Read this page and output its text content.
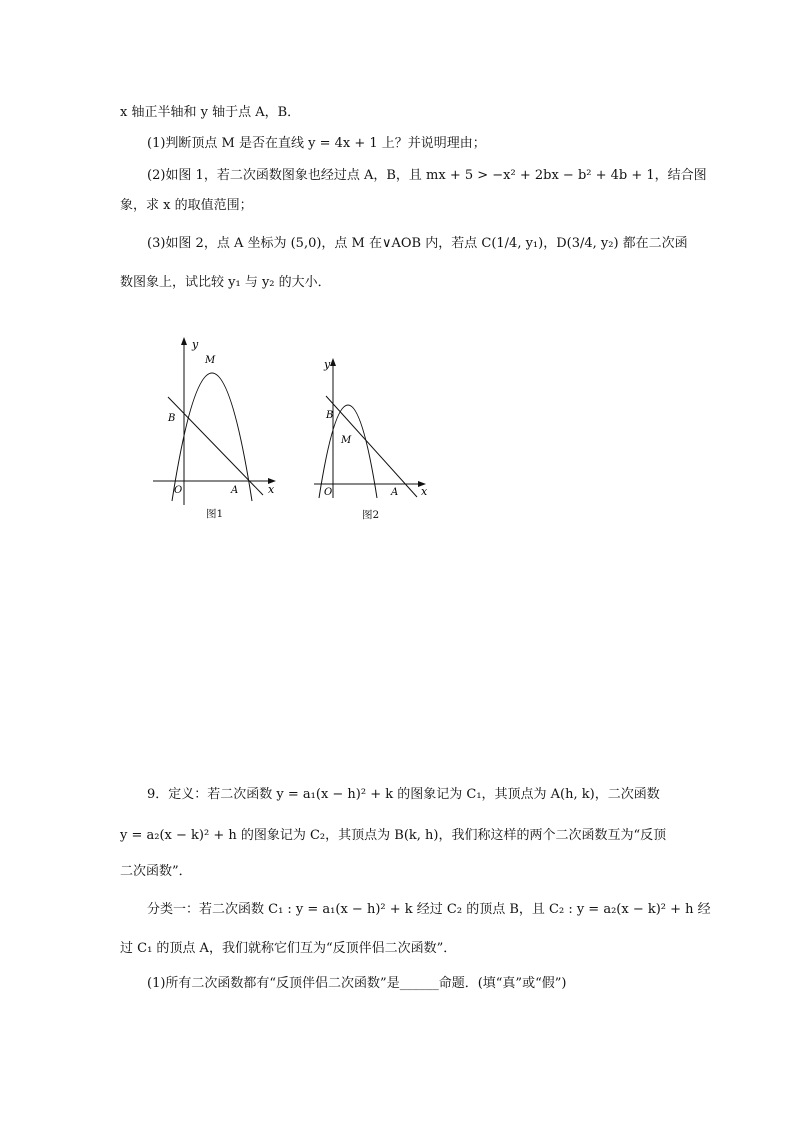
x 轴正半轴和 y 轴于点 A，B．
(1)判断顶点 M 是否在直线 y = 4x + 1 上？并说明理由；
(2)如图 1，若二次函数图象也经过点 A，B，且 mx + 5 > −x² + 2bx − b² + 4b + 1，结合图
象，求 x 的取值范围；
(3)如图 2，点 A 坐标为 (5,0)，点 M 在∨AOB 内，若点 C(1/4, y₁)，D(3/4, y₂) 都在二次函
数图象上，试比较 y₁ 与 y₂ 的大小．
y
M
B
O	A	x
图1
y
B
M
O	A x
图2
9．定义：若二次函数 y = a₁(x − h)² + k 的图象记为 C₁，其顶点为 A(h, k)，二次函数
y = a₂(x − k)² + h 的图象记为 C₂，其顶点为 B(k, h)，我们称这样的两个二次函数互为“反顶
二次函数”．
分类一：若二次函数 C₁ : y = a₁(x − h)² + k 经过 C₂ 的顶点 B，且 C₂ : y = a₂(x − k)² + h 经
过 C₁ 的顶点 A，我们就称它们互为“反顶伴侣二次函数”．
(1)所有二次函数都有“反顶伴侣二次函数”是______命题．(填“真”或“假”)
